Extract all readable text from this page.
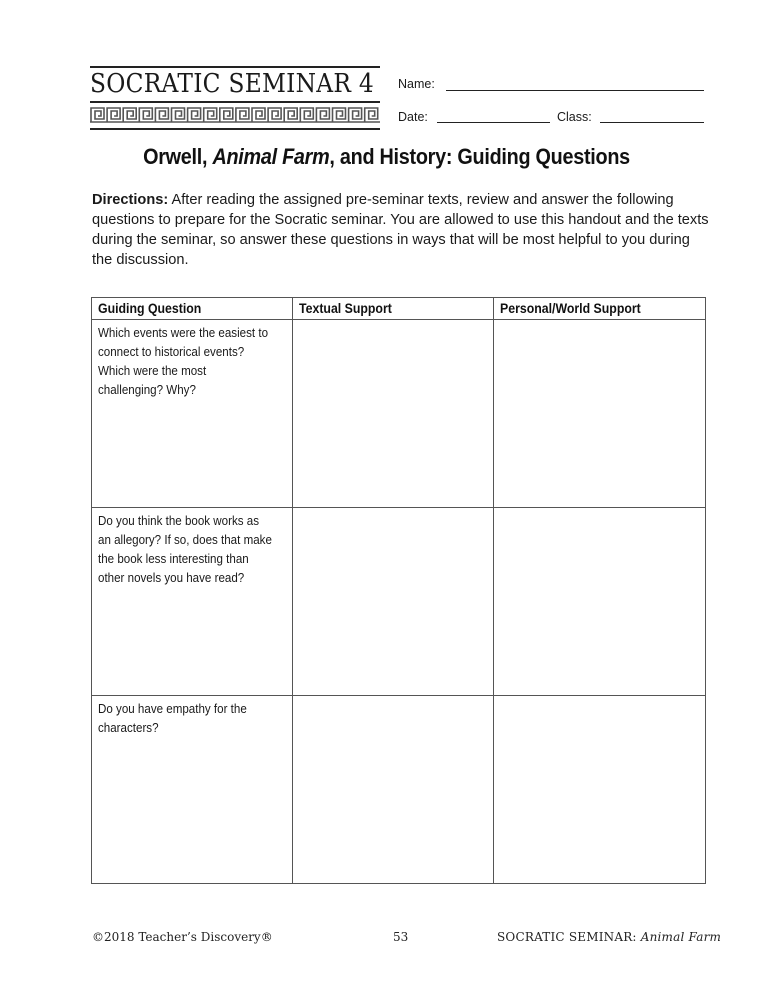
SOCRATIC SEMINAR 4 Name:
Date:	Class:
Orwell, Animal Farm, and History: Guiding Questions
Directions: After reading the assigned pre-seminar texts, review and answer the following questions to prepare for the Socratic seminar. You are allowed to use this handout and the texts during the seminar, so answer these questions in ways that will be most helpful to you during the discussion.
Guiding Question	Textual Support	Personal/World Support

Which events were the easiest to connect to historical events? Which were the most challenging? Why?		

Do you think the book works as an allegory? If so, does that make the book less interesting than other novels you have read?		

Do you have empathy for the characters?		

©2018 Teacher’s Discovery®	53	SOCRATIC SEMINAR: Animal Farm
